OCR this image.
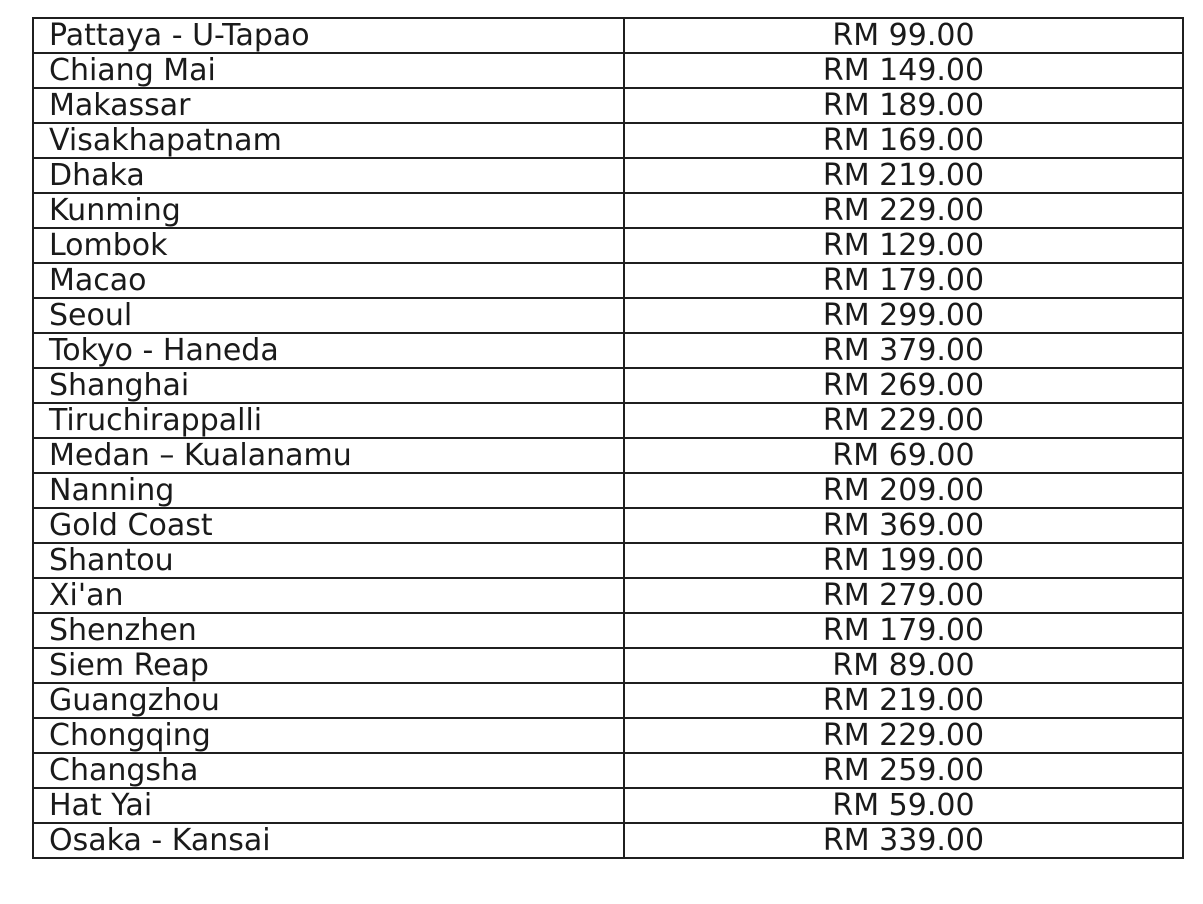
Pattaya - U-Tapao	RM 99.00
Chiang Mai	RM 149.00
Makassar	RM 189.00
Visakhapatnam	RM 169.00
Dhaka	RM 219.00
Kunming	RM 229.00
Lombok	RM 129.00
Macao	RM 179.00
Seoul	RM 299.00
Tokyo - Haneda	RM 379.00
Shanghai	RM 269.00
Tiruchirappalli	RM 229.00
Medan – Kualanamu	RM 69.00
Nanning	RM 209.00
Gold Coast	RM 369.00
Shantou	RM 199.00
Xi'an	RM 279.00
Shenzhen	RM 179.00
Siem Reap	RM 89.00
Guangzhou	RM 219.00
Chongqing	RM 229.00
Changsha	RM 259.00
Hat Yai	RM 59.00
Osaka - Kansai	RM 339.00
